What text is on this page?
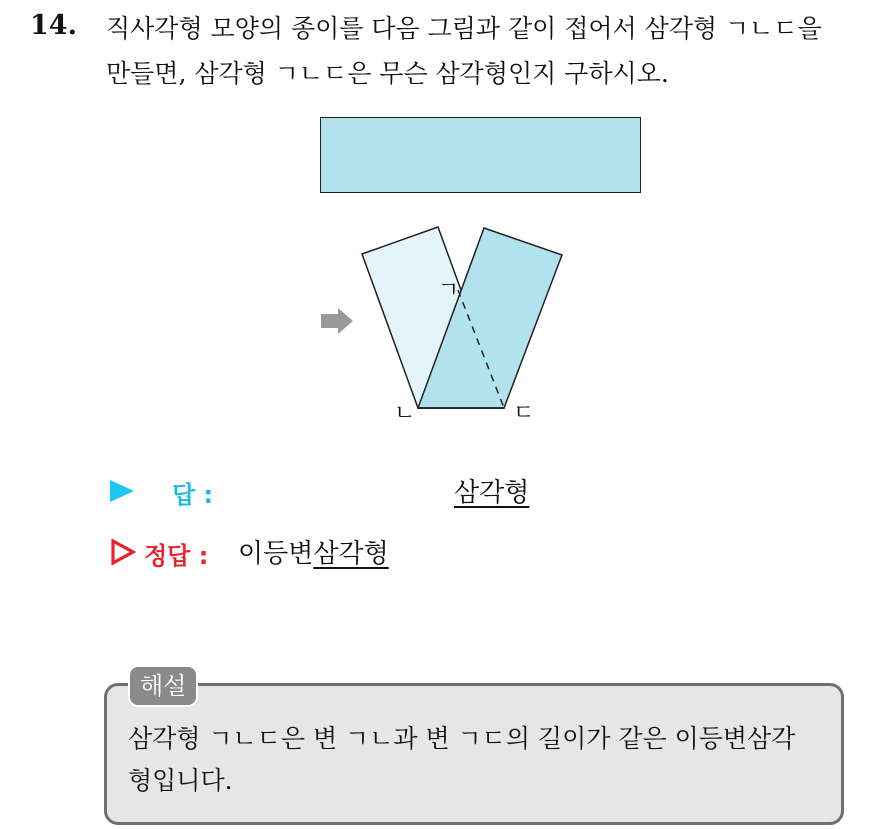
14. 직사각형 모양의 종이를 다음 그림과 같이 접어서 삼각형 ㄱㄴㄷ을
만들면, 삼각형 ㄱㄴㄷ은 무슨 삼각형인지 구하시오.
ㄱ
ㄴ	ㄷ
답 :	삼각형
정답 : 이등변삼각형
해설
삼각형 ㄱㄴㄷ은 변 ㄱㄴ과 변 ㄱㄷ의 길이가 같은 이등변삼각
형입니다.
